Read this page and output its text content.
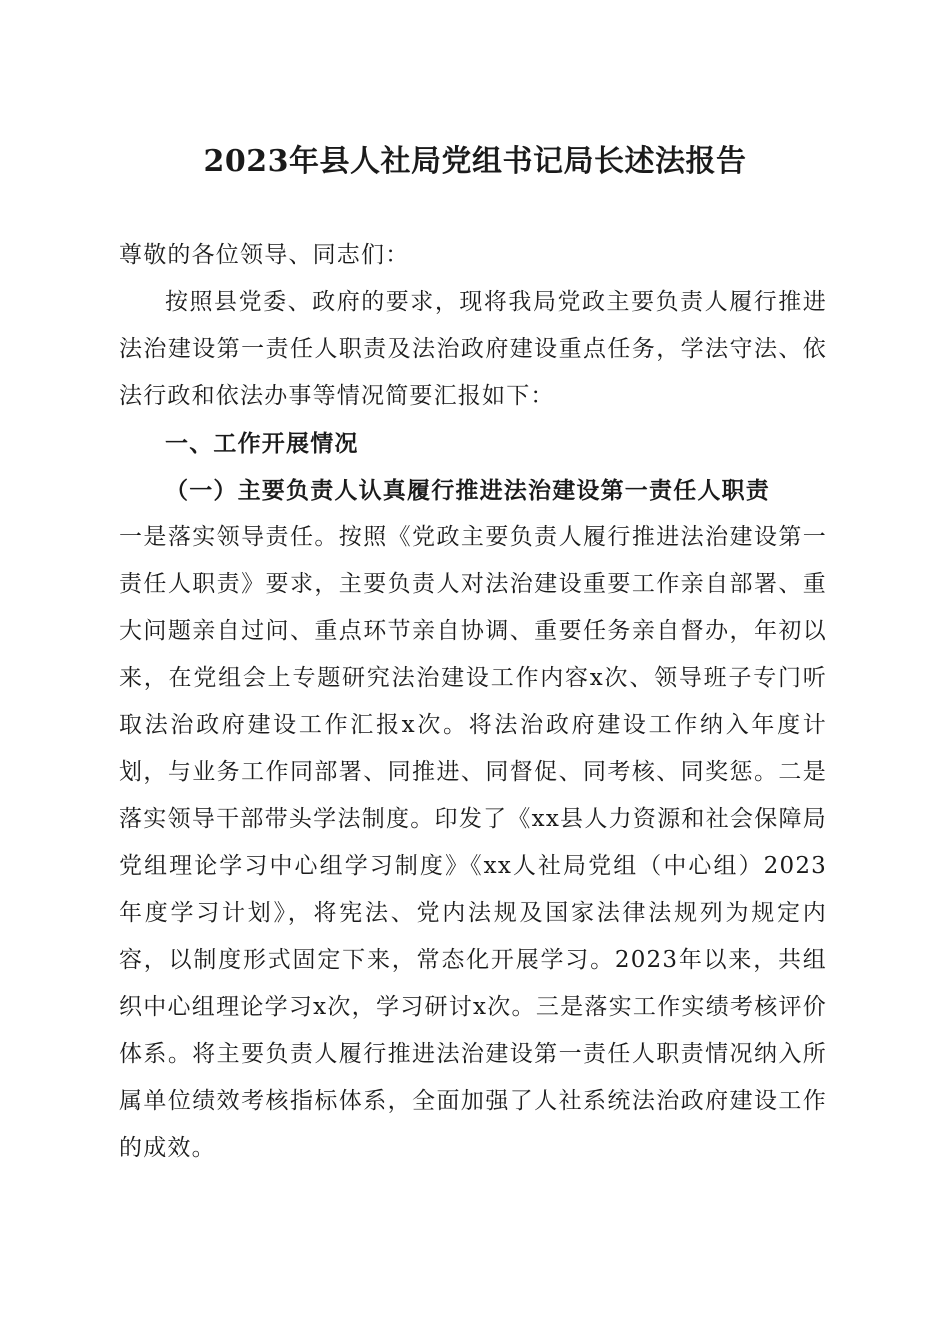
2023年县人社局党组书记局长述法报告

尊敬的各位领导、同志们：

按照县党委、政府的要求，现将我局党政主要负责人履行推进法治建设第一责任人职责及法治政府建设重点任务，学法守法、依法行政和依法办事等情况简要汇报如下：

一、工作开展情况

（一）主要负责人认真履行推进法治建设第一责任人职责

一是落实领导责任。按照《党政主要负责人履行推进法治建设第一责任人职责》要求，主要负责人对法治建设重要工作亲自部署、重大问题亲自过问、重点环节亲自协调、重要任务亲自督办，年初以来，在党组会上专题研究法治建设工作内容x次、领导班子专门听取法治政府建设工作汇报x次。将法治政府建设工作纳入年度计划，与业务工作同部署、同推进、同督促、同考核、同奖惩。二是落实领导干部带头学法制度。印发了《xx县人力资源和社会保障局党组理论学习中心组学习制度》《xx人社局党组（中心组）2023年度学习计划》，将宪法、党内法规及国家法律法规列为规定内容，以制度形式固定下来，常态化开展学习。2023年以来，共组织中心组理论学习x次，学习研讨x次。三是落实工作实绩考核评价体系。将主要负责人履行推进法治建设第一责任人职责情况纳入所属单位绩效考核指标体系，全面加强了人社系统法治政府建设工作的成效。
